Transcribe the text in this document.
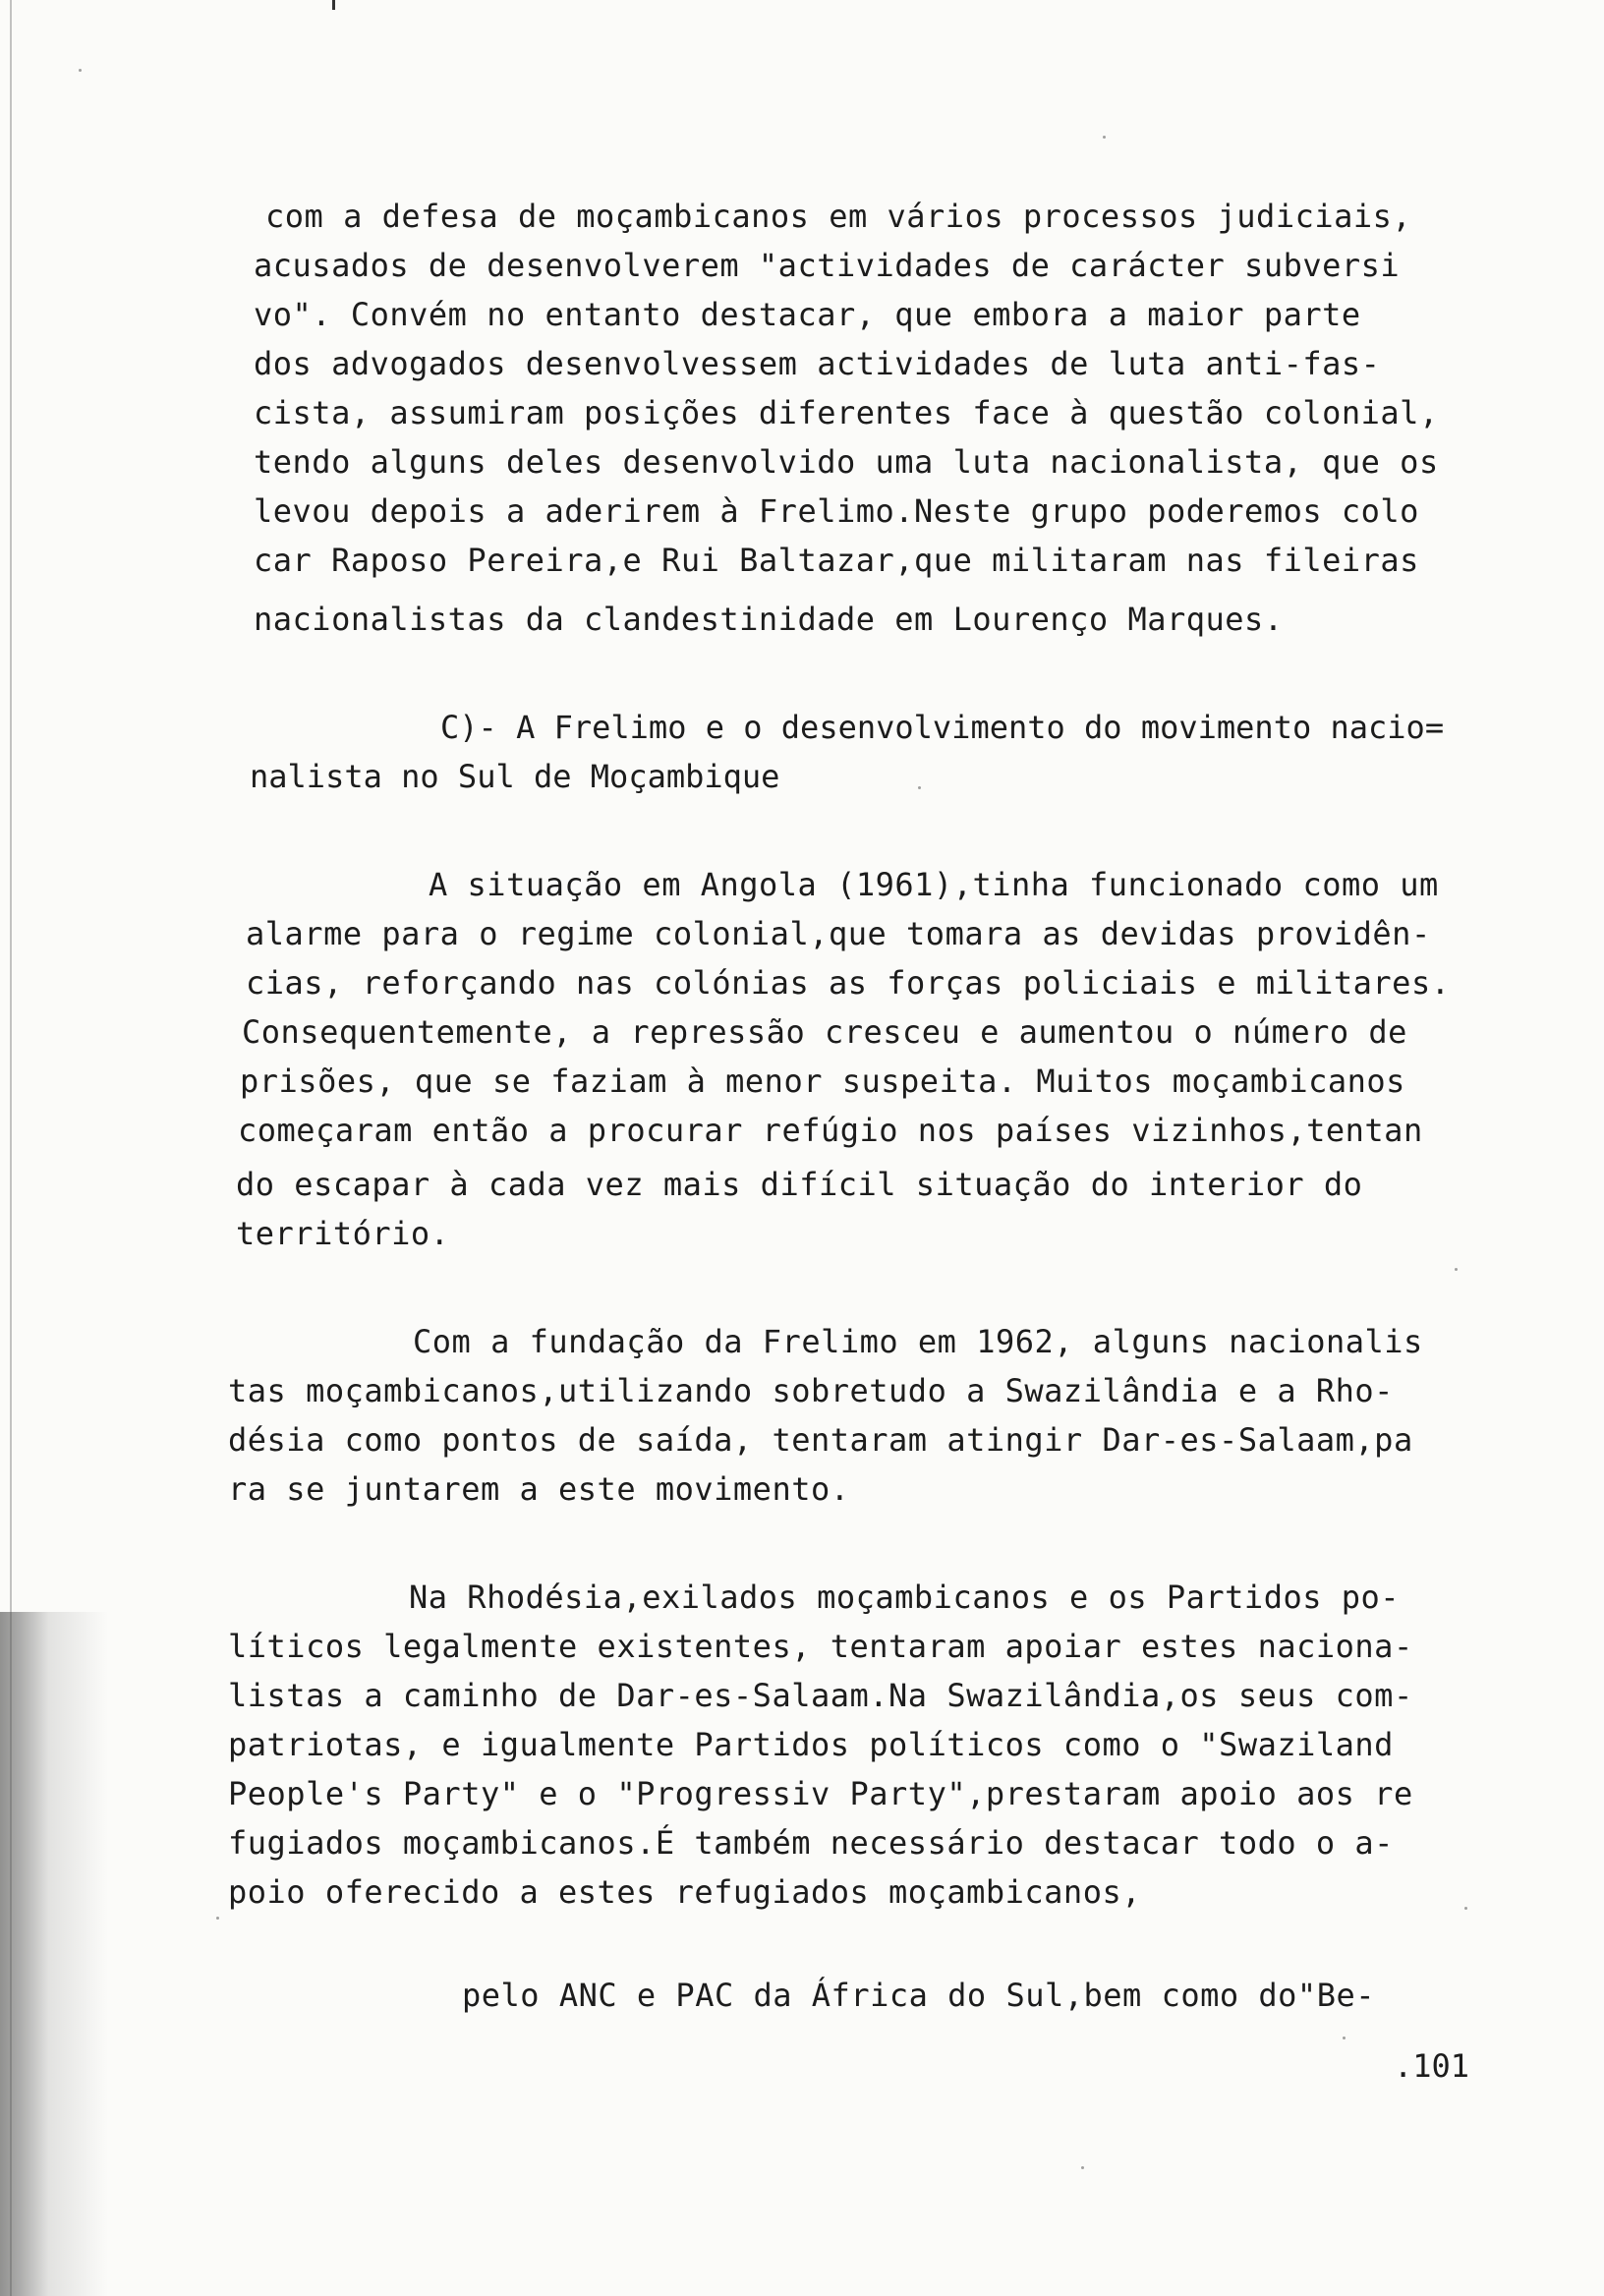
com a defesa de moçambicanos em vários processos judiciais,
acusados de desenvolverem "actividades de carácter subversi
vo". Convém no entanto destacar, que embora a maior parte
dos advogados desenvolvessem actividades de luta anti-fas-
cista, assumiram posições diferentes face à questão colonial,
tendo alguns deles desenvolvido uma luta nacionalista, que os
levou depois a aderirem à Frelimo.Neste grupo poderemos colo
car Raposo Pereira,e Rui Baltazar,que militaram nas fileiras
nacionalistas da clandestinidade em Lourenço Marques.
C)- A Frelimo e o desenvolvimento do movimento nacio=
nalista no Sul de Moçambique
A situação em Angola (1961),tinha funcionado como um
alarme para o regime colonial,que tomara as devidas providên-
cias, reforçando nas colónias as forças policiais e militares.
Consequentemente, a repressão cresceu e aumentou o número de
prisões, que se faziam à menor suspeita. Muitos moçambicanos
começaram então a procurar refúgio nos países vizinhos,tentan
do escapar à cada vez mais difícil situação do interior do
território.
Com a fundação da Frelimo em 1962, alguns nacionalis
tas moçambicanos,utilizando sobretudo a Swazilândia e a Rho-
désia como pontos de saída, tentaram atingir Dar-es-Salaam,pa
ra se juntarem a este movimento.
Na Rhodésia,exilados moçambicanos e os Partidos po-
líticos legalmente existentes, tentaram apoiar estes naciona-
listas a caminho de Dar-es-Salaam.Na Swazilândia,os seus com-
patriotas, e igualmente Partidos políticos como o "Swaziland
People's Party" e o "Progressiv Party",prestaram apoio aos re
fugiados moçambicanos.É também necessário destacar todo o a-
poio oferecido a estes refugiados moçambicanos,
pelo ANC e PAC da África do Sul,bem como do"Be-
.101
